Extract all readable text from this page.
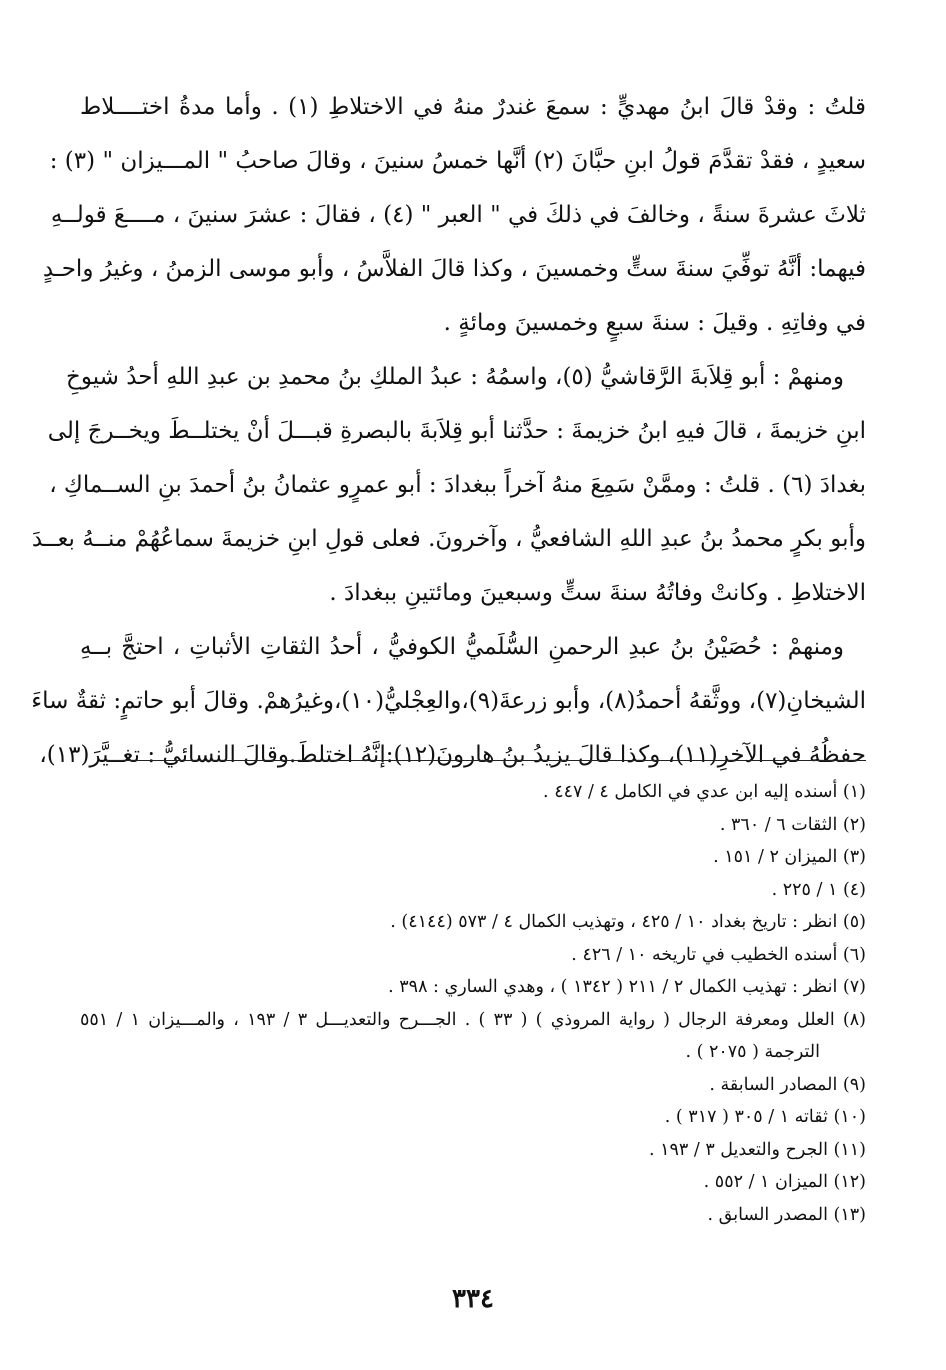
قلتُ : وقدْ قالَ ابنُ مهديٍّ : سمعَ غندرٌ منهُ في الاختلاطِ (١) . وأما مدةُ اختــــلاط
سعيدٍ ، فقدْ تقدَّمَ قولُ ابنِ حبَّانَ (٢) أنَّها خمسُ سنينَ ، وقالَ صاحبُ " المـــيزان " (٣) :
ثلاثَ عشرةَ سنةً ، وخالفَ في ذلكَ في " العبر " (٤) ، فقالَ : عشرَ سنينَ ، مــــعَ قولــهِ
فيهما: أنَّهُ توفِّيَ سنةَ ستٍّ وخمسينَ ، وكذا قالَ الفلاَّسُ ، وأبو موسى الزمنُ ، وغيرُ واحـدٍ
في وفاتِهِ . وقيلَ : سنةَ سبعٍ وخمسينَ ومائةٍ .
ومنهمْ : أبو قِلاَبةَ الرَّقاشيُّ (٥)، واسمُهُ : عبدُ الملكِ بنُ محمدِ بن عبدِ اللهِ أحدُ شيوخِ
ابنِ خزيمةَ ، قالَ فيهِ ابنُ خزيمةَ : حدَّثنا أبو قِلاَبةَ بالبصرةِ قبـــلَ أنْ يختلــطَ ويخــرجَ إلى
بغدادَ (٦) . قلتُ : وممَّنْ سَمِعَ منهُ آخراً ببغدادَ : أبو عمرٍو عثمانُ بنُ أحمدَ بنِ الســماكِ ،
وأبو بكرٍ محمدُ بنُ عبدِ اللهِ الشافعيُّ ، وآخرونَ. فعلى قولِ ابنِ خزيمةَ سماعُهُمْ منــهُ بعــدَ
الاختلاطِ . وكانتْ وفاتُهُ سنةَ ستٍّ وسبعينَ ومائتينِ ببغدادَ .
ومنهمْ : حُصَيْنُ بنُ عبدِ الرحمنِ السُّلَميُّ الكوفيُّ ، أحدُ الثقاتِ الأثباتِ ، احتجَّ بــهِ
الشيخانِ(٧)، ووثَّقهُ أحمدُ(٨)، وأبو زرعةَ(٩)،والعِجْليُّ(١٠)،وغيرُهمْ. وقالَ أبو حاتمٍ: ثقةٌ ساءَ
حفظُهُ في الآخرِ(١١)، وكذا قالَ يزيدُ بنُ هارونَ(١٢):إنَّهُ اختلطَ.وقالَ النسائيُّ : تغــيَّرَ(١٣)،
(١) أسنده إليه ابن عدي في الكامل ٤ / ٤٤٧ .
(٢) الثقات ٦ / ٣٦٠ .
(٣) الميزان ٢ / ١٥١ .
(٤) ١ / ٢٢٥ .
(٥) انظر : تاريخ بغداد ١٠ / ٤٢٥ ، وتهذيب الكمال ٤ / ٥٧٣ (٤١٤٤) .
(٦) أسنده الخطيب في تاريخه ١٠ / ٤٢٦ .
(٧) انظر : تهذيب الكمال ٢ / ٢١١ ( ١٣٤٢ ) ، وهدي الساري : ٣٩٨ .
(٨) العلل ومعرفة الرجال ( رواية المروذي ) ( ٣٣ ) . الجـــرح والتعديـــل ٣ / ١٩٣ ، والمـــيزان ١ / ٥٥١
الترجمة ( ٢٠٧٥ ) .
(٩) المصادر السابقة .
(١٠) ثقاته ١ / ٣٠٥ ( ٣١٧ ) .
(١١) الجرح والتعديل ٣ / ١٩٣ .
(١٢) الميزان ١ / ٥٥٢ .
(١٣) المصدر السابق .
٣٣٤
